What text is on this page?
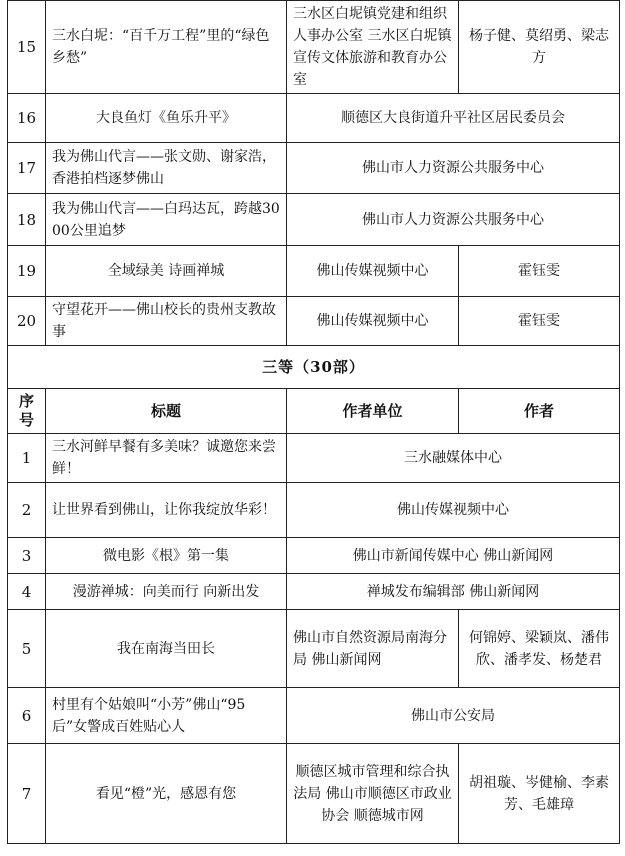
15	三水白坭：“百千万工程”里的“绿色乡愁”	三水区白坭镇党建和组织人事办公室 三水区白坭镇宣传文体旅游和教育办公室	杨子健、莫绍勇、梁志方
16	大良鱼灯《鱼乐升平》	顺德区大良街道升平社区居民委员会	
17	我为佛山代言——张文勋、谢家浩，香港拍档逐梦佛山	佛山市人力资源公共服务中心	
18	我为佛山代言——白玛达瓦，跨越3000公里追梦	佛山市人力资源公共服务中心	
19	全域绿美 诗画禅城	佛山传媒视频中心	霍钰雯
20	守望花开——佛山校长的贵州支教故事	佛山传媒视频中心	霍钰雯
三等（30部）			
序号	标题	作者单位	作者
1	三水河鲜早餐有多美味？诚邀您来尝鲜！	三水融媒体中心	
2	让世界看到佛山，让你我绽放华彩！	佛山传媒视频中心	
3	微电影《根》第一集	佛山市新闻传媒中心 佛山新闻网	
4	漫游禅城：向美而行 向新出发	禅城发布编辑部 佛山新闻网	
5	我在南海当田长	佛山市自然资源局南海分局 佛山新闻网	何锦婷、梁颖岚、潘伟欣、潘孝发、杨楚君
6	村里有个姑娘叫“小芳”佛山“95后”女警成百姓贴心人	佛山市公安局	
7	看见“橙”光，感恩有您	顺德区城市管理和综合执法局 佛山市顺德区市政业协会 顺德城市网	胡祖璇、岑健榆、李素芳、毛雄璋
